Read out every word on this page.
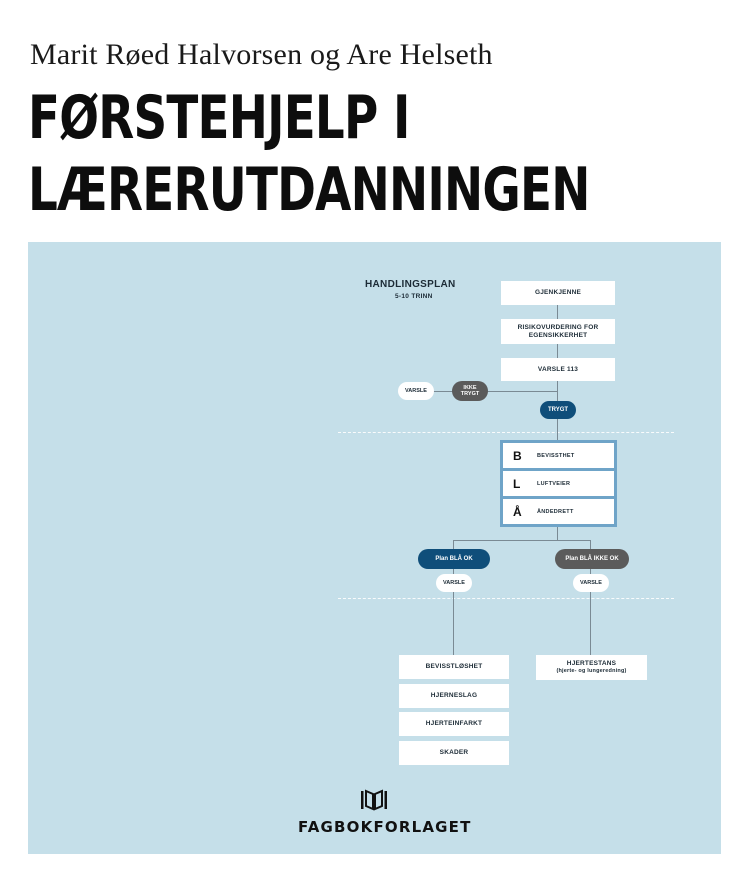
Marit Røed Halvorsen og Are Helseth
FØRSTEHJELP I
LÆRERUTDANNINGEN
HANDLINGSPLAN
5-10 TRINN
GJENKJENNE
RISIKOVURDERING FOR EGENSIKKERHET
VARSLE 113
VARSLE
IKKE TRYGT
TRYGT
B	BEVISSTHET
L	LUFTVEIER
Å	ÅNDEDRETT
Plan BLÅ OK	Plan BLÅ IKKE OK
VARSLE	VARSLE
BEVISSTLØSHET
HJERNESLAG
HJERTEINFARKT
SKADER
HJERTESTANS
(hjerte- og lungeredning)
FAGBOKFORLAGET
